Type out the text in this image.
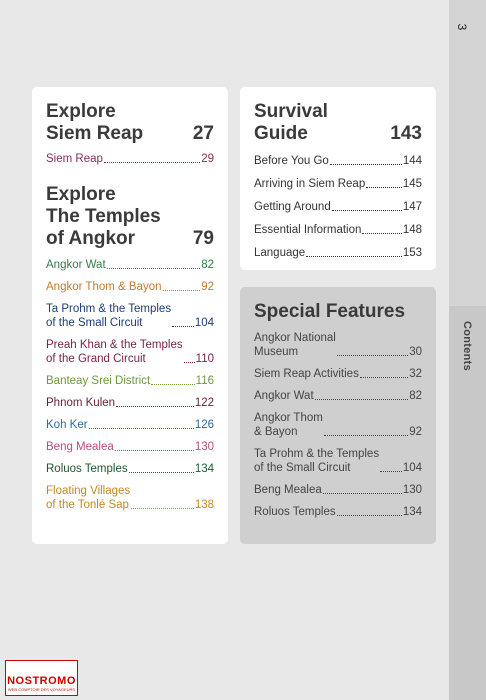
3
Contents
Explore
Siem Reap	27
Siem Reap	29
Explore
The Temples
of Angkor	79
Angkor Wat	82
Angkor Thom & Bayon	92
Ta Prohm & the Temples
of the Small Circuit	104
Preah Khan & the Temples
of the Grand Circuit	110
Banteay Srei District	116
Phnom Kulen	122
Koh Ker	126
Beng Mealea	130
Roluos Temples	134
Floating Villages
of the Tonlé Sap	138
Survival
Guide	143
Before You Go	144
Arriving in Siem Reap	145
Getting Around	147
Essential Information	148
Language	153
Special Features
Angkor National
Museum	30
Siem Reap Activities	32
Angkor Wat	82
Angkor Thom
& Bayon	92
Ta Prohm & the Temples
of the Small Circuit	104
Beng Mealea	130
Roluos Temples	134
NOSTROMO
WEB COMPTOIR DES VOYAGEURS
